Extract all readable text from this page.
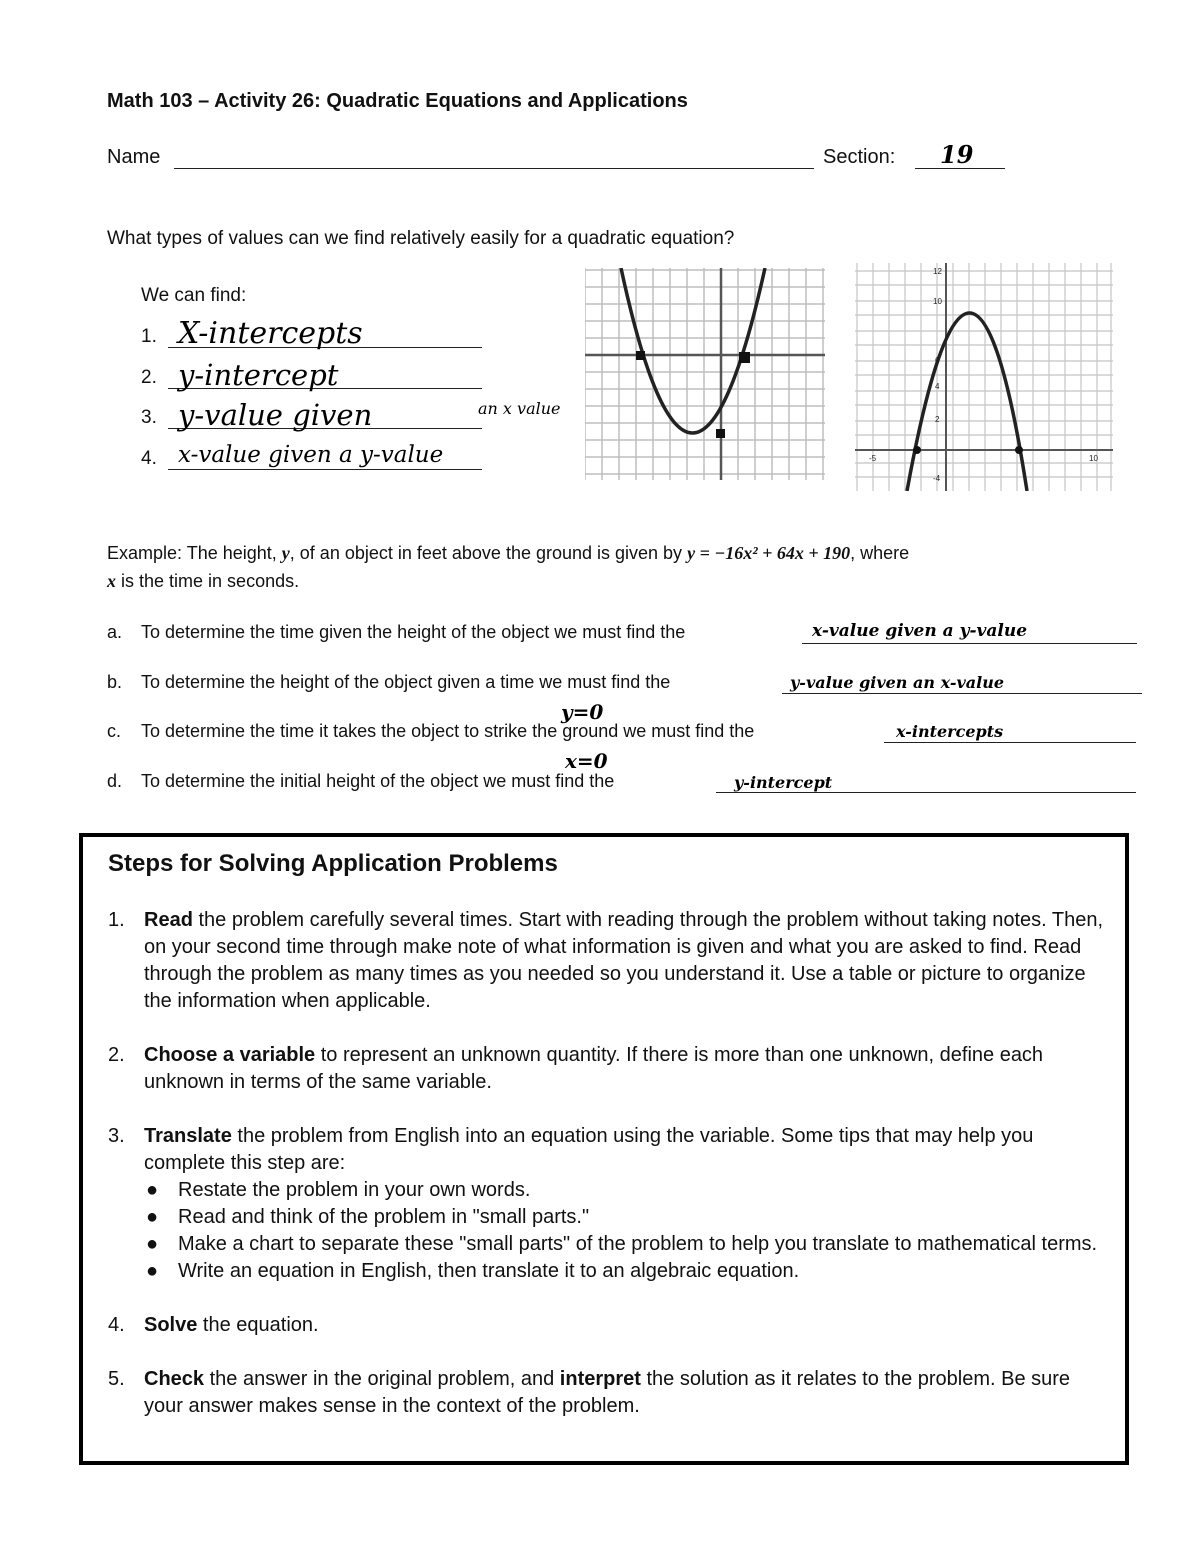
Math 103 – Activity 26: Quadratic Equations and Applications
Name	Section: 19
What types of values can we find relatively easily for a quadratic equation?
We can find:
1. X-intercepts
2. y-intercept
3. y-value given	an x value
4. x-value given a y-value
12
10
6
4
2
-4
-5	10
Example: The height, y, of an object in feet above the ground is given by y = −16x² + 64x + 190, where
x is the time in seconds.
a. To determine the time given the height of the object we must find the	x-value given a y-value
b. To determine the height of the object given a time we must find the	y-value given an x-value
c. To determine the time it takes the object to strike the ground we must find the	x-intercepts
y=0
d. To determine the initial height of the object we must find the	y-intercept
x=0
Steps for Solving Application Problems
1. Read the problem carefully several times. Start with reading through the problem without taking notes. Then, on your second time through make note of what information is given and what you are asked to find. Read through the problem as many times as you needed so you understand it. Use a table or picture to organize the information when applicable.
2. Choose a variable to represent an unknown quantity. If there is more than one unknown, define each unknown in terms of the same variable.
3. Translate the problem from English into an equation using the variable. Some tips that may help you complete this step are:
● Restate the problem in your own words.
● Read and think of the problem in "small parts."
● Make a chart to separate these "small parts" of the problem to help you translate to mathematical terms.
● Write an equation in English, then translate it to an algebraic equation.
4. Solve the equation.
5. Check the answer in the original problem, and interpret the solution as it relates to the problem. Be sure your answer makes sense in the context of the problem.
